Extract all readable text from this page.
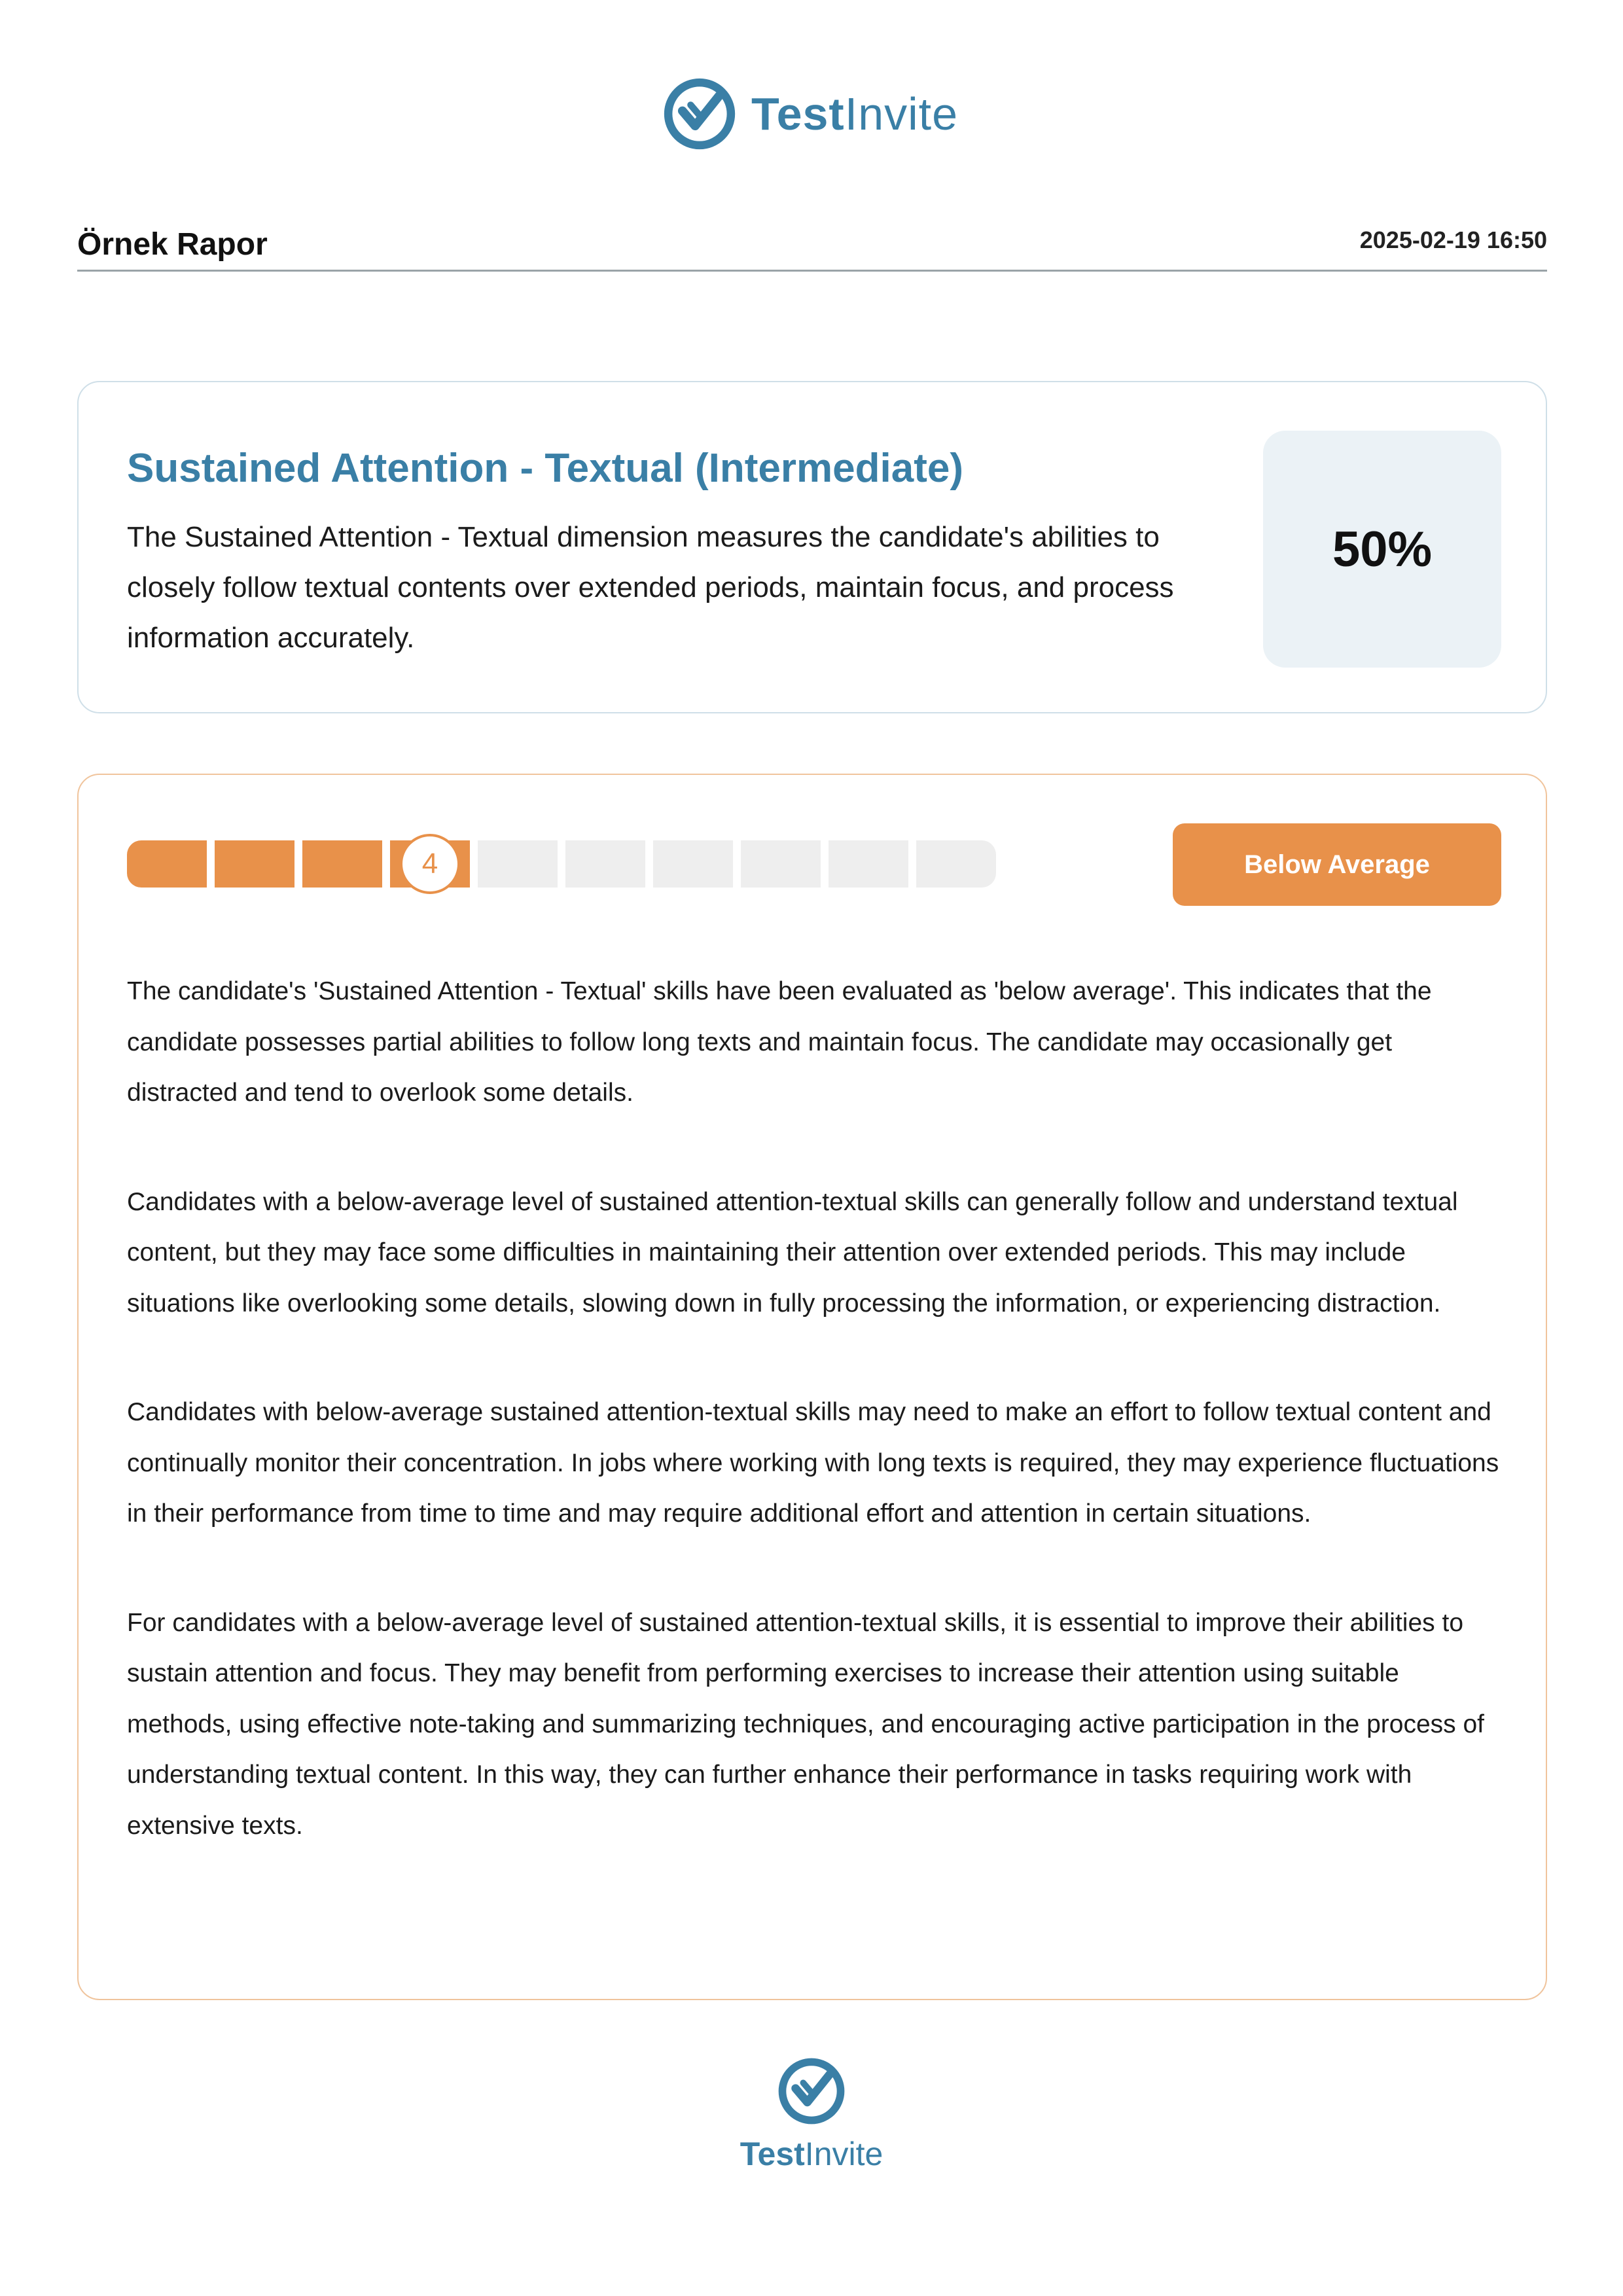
TestInvite
Örnek Rapor	2025-02-19 16:50
Sustained Attention - Textual (Intermediate)
The Sustained Attention - Textual dimension measures the candidate's abilities to closely follow textual contents over extended periods, maintain focus, and process information accurately.
50%
4	Below Average

The candidate's 'Sustained Attention - Textual' skills have been evaluated as 'below average'. This indicates that the candidate possesses partial abilities to follow long texts and maintain focus. The candidate may occasionally get distracted and tend to overlook some details.

Candidates with a below-average level of sustained attention-textual skills can generally follow and understand textual content, but they may face some difficulties in maintaining their attention over extended periods. This may include situations like overlooking some details, slowing down in fully processing the information, or experiencing distraction.

Candidates with below-average sustained attention-textual skills may need to make an effort to follow textual content and continually monitor their concentration. In jobs where working with long texts is required, they may experience fluctuations in their performance from time to time and may require additional effort and attention in certain situations.

For candidates with a below-average level of sustained attention-textual skills, it is essential to improve their abilities to sustain attention and focus. They may benefit from performing exercises to increase their attention using suitable methods, using effective note-taking and summarizing techniques, and encouraging active participation in the process of understanding textual content. In this way, they can further enhance their performance in tasks requiring work with extensive texts.

TestInvite
